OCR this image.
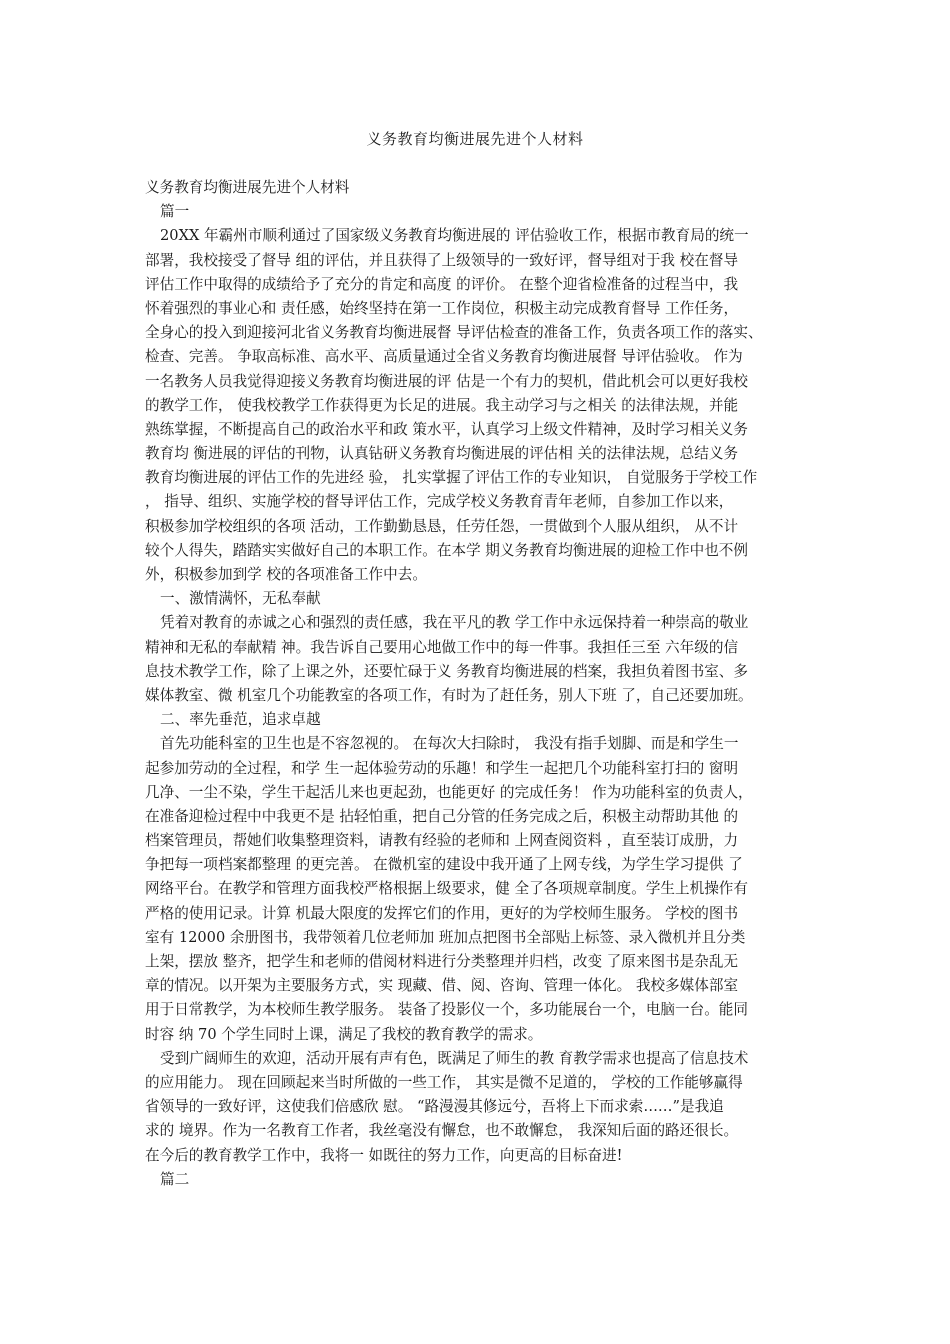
义务教育均衡进展先进个人材料
义务教育均衡进展先进个人材料
篇一
20XX 年霸州市顺利通过了国家级义务教育均衡进展的 评估验收工作，根据市教育局的统一
部署，我校接受了督导 组的评估，并且获得了上级领导的一致好评，督导组对于我 校在督导
评估工作中取得的成绩给予了充分的肯定和高度 的评价。 在整个迎省检准备的过程当中，我
怀着强烈的事业心和 责任感，始终坚持在第一工作岗位，积极主动完成教育督导 工作任务，
全身心的投入到迎接河北省义务教育均衡进展督 导评估检查的准备工作，负责各项工作的落实、
检查、完善。 争取高标准、高水平、高质量通过全省义务教育均衡进展督 导评估验收。 作为
一名教务人员我觉得迎接义务教育均衡进展的评 估是一个有力的契机，借此机会可以更好我校
的教学工作， 使我校教学工作获得更为长足的进展。我主动学习与之相关 的法律法规，并能
熟练掌握，不断提高自己的政治水平和政 策水平，认真学习上级文件精神，及时学习相关义务
教育均 衡进展的评估的刊物，认真钻研义务教育均衡进展的评估相 关的法律法规，总结义务
教育均衡进展的评估工作的先进经 验， 扎实掌握了评估工作的专业知识， 自觉服务于学校工作
， 指导、组织、实施学校的督导评估工作，完成学校义务教育青年老师，自参加工作以来，
积极参加学校组织的各项 活动，工作勤勤恳恳，任劳任怨，一贯做到个人服从组织， 从不计
较个人得失，踏踏实实做好自己的本职工作。在本学 期义务教育均衡进展的迎检工作中也不例
外，积极参加到学 校的各项准备工作中去。
一、激情满怀，无私奉献
凭着对教育的赤诚之心和强烈的责任感，我在平凡的教 学工作中永远保持着一种崇高的敬业
精神和无私的奉献精 神。我告诉自己要用心地做工作中的每一件事。我担任三至 六年级的信
息技术教学工作，除了上课之外，还要忙碌于义 务教育均衡进展的档案，我担负着图书室、多
媒体教室、微 机室几个功能教室的各项工作，有时为了赶任务，别人下班 了，自己还要加班。
二、率先垂范，追求卓越
首先功能科室的卫生也是不容忽视的。 在每次大扫除时， 我没有指手划脚、而是和学生一
起参加劳动的全过程，和学 生一起体验劳动的乐趣！和学生一起把几个功能科室打扫的 窗明
几净、一尘不染，学生干起活儿来也更起劲，也能更好 的完成任务！ 作为功能科室的负责人，
在准备迎检过程中中我更不是 拈轻怕重，把自己分管的任务完成之后，积极主动帮助其他 的
档案管理员，帮她们收集整理资料，请教有经验的老师和 上网查阅资料 ，直至装订成册，力
争把每一项档案都整理 的更完善。 在微机室的建设中我开通了上网专线，为学生学习提供 了
网络平台。在教学和管理方面我校严格根据上级要求，健 全了各项规章制度。学生上机操作有
严格的使用记录。计算 机最大限度的发挥它们的作用，更好的为学校师生服务。 学校的图书
室有 12000 余册图书，我带领着几位老师加 班加点把图书全部贴上标签、录入微机并且分类
上架，摆放 整齐，把学生和老师的借阅材料进行分类整理并归档，改变 了原来图书是杂乱无
章的情况。以开架为主要服务方式，实 现藏、借、阅、咨询、管理一体化。 我校多媒体部室
用于日常教学，为本校师生教学服务。 装备了投影仪一个，多功能展台一个，电脑一台。能同
时容 纳 70 个学生同时上课，满足了我校的教育教学的需求。
受到广阔师生的欢迎，活动开展有声有色，既满足了师生的教 育教学需求也提高了信息技术
的应用能力。 现在回顾起来当时所做的一些工作， 其实是微不足道的， 学校的工作能够赢得
省领导的一致好评，这使我们倍感欣 慰。 “路漫漫其修远兮，吾将上下而求索……”是我追
求的 境界。作为一名教育工作者，我丝毫没有懈怠，也不敢懈怠， 我深知后面的路还很长。
在今后的教育教学工作中，我将一 如既往的努力工作，向更高的目标奋进!
篇二
